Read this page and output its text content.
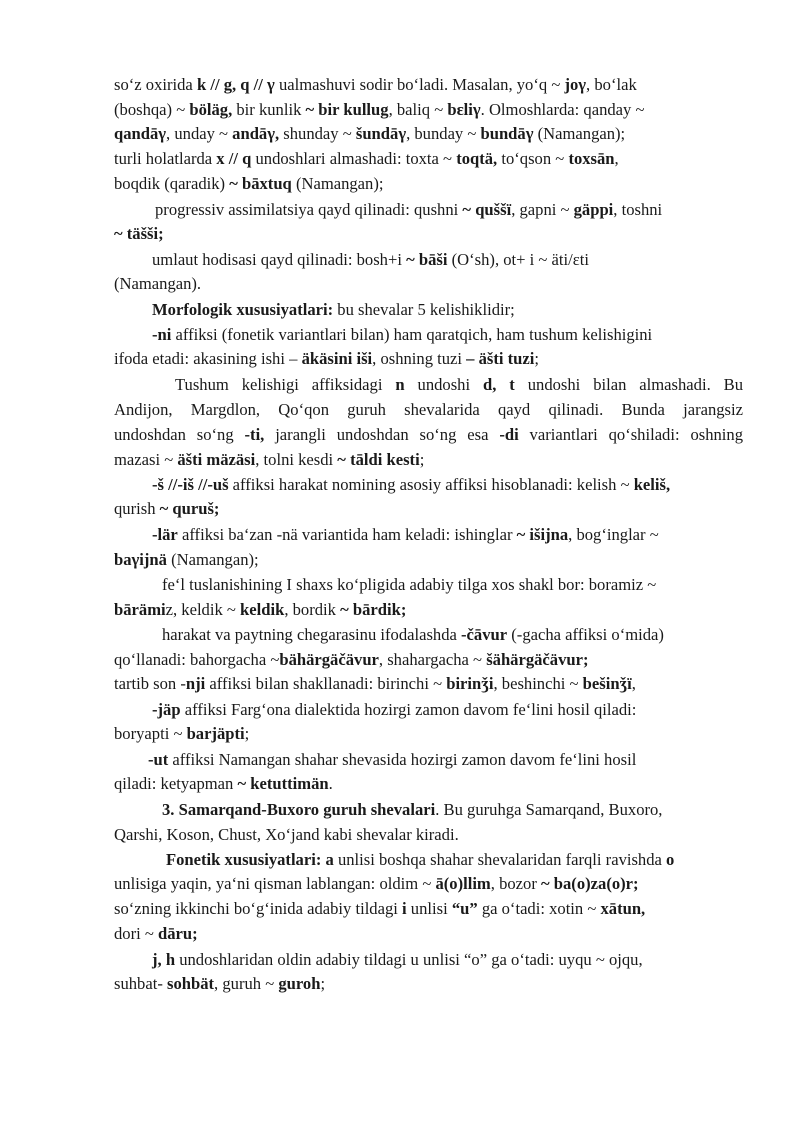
so‘z oxirida k // g, q // γ ualmashuvi sodir bo‘ladi. Masalan, yo‘q ~ joγ, bo‘lak
(boshqa) ~ böläg, bir kunlik ~ bir kullug, baliq ~ bɛliγ. Olmoshlarda: qanday ~
qandāγ, unday ~ andāγ, shunday ~ šundāγ, bunday ~ bundāγ (Namangan);
turli holatlarda x // q undoshlari almashadi: toxta ~ toqtä, to‘qson ~ toxsān,
boqdik (qaradik) ~ bāxtuq (Namangan);
progressiv assimilatsiya qayd qilinadi: qushni ~ quššï, gapni ~ gäppi, toshni
~ täšši;
umlaut hodisasi qayd qilinadi: bosh+i ~ bāši (O‘sh), ot+ i ~ äti/ɛti
(Namangan).
Morfologik xususiyatlari: bu shevalar 5 kelishiklidir;
-ni affiksi (fonetik variantlari bilan) ham qaratqich, ham tushum kelishigini
ifoda etadi: akasining ishi – äkäsini iši, oshning tuzi – äšti tuzi;
Tushum kelishigi affiksidagi n undoshi d, t undoshi bilan almashadi. Bu
Andijon, Margdlon, Qo‘qon guruh shevalarida qayd qilinadi. Bunda jarangsiz
undoshdan so‘ng -ti, jarangli undoshdan so‘ng esa -di variantlari qo‘shiladi: oshning
mazasi ~ äšti mäzäsi, tolni kesdi ~ tāldi kesti;
-š //-iš //-uš affiksi harakat nomining asosiy affiksi hisoblanadi: kelish ~ keliš,
qurish ~ quruš;
-lär affiksi ba‘zan -nä variantida ham keladi: ishinglar ~ išijna, bog‘inglar ~
baγijnä (Namangan);
fe‘l tuslanishining I shaxs ko‘pligida adabiy tilga xos shakl bor: boramiz ~
bārämiz, keldik ~ keldik, bordik ~ bārdik;
harakat va paytning chegarasinu ifodalashda -čāvur (-gacha affiksi o‘mida)
qo‘llanadi: bahorgacha ~bähärgäčävur, shahargacha ~ šähärgäčävur;
tartib son -nji affiksi bilan shakllanadi: birinchi ~ birinǯi, beshinchi ~ bešinǯï,
-jäp affiksi Farg‘ona dialektida hozirgi zamon davom fe‘lini hosil qiladi:
boryapti ~ barjäpti;
-ut affiksi Namangan shahar shevasida hozirgi zamon davom fe‘lini hosil
qiladi: ketyapman ~ ketuttimän.
3. Samarqand-Buxoro guruh shevalari. Bu guruhga Samarqand, Buxoro,
Qarshi, Koson, Chust, Xo‘jand kabi shevalar kiradi.
Fonetik xususiyatlari: a unlisi boshqa shahar shevalaridan farqli ravishda o
unlisiga yaqin, ya‘ni qisman lablangan: oldim ~ ā(o)llim, bozor ~ ba(o)za(o)r;
so‘zning ikkinchi bo‘g‘inida adabiy tildagi i unlisi “u” ga o‘tadi: xotin ~ xātun,
dori ~ dāru;
j, h undoshlaridan oldin adabiy tildagi u unlisi “o” ga o‘tadi: uyqu ~ ojqu,
suhbat- sohbät, guruh ~ guroh;
